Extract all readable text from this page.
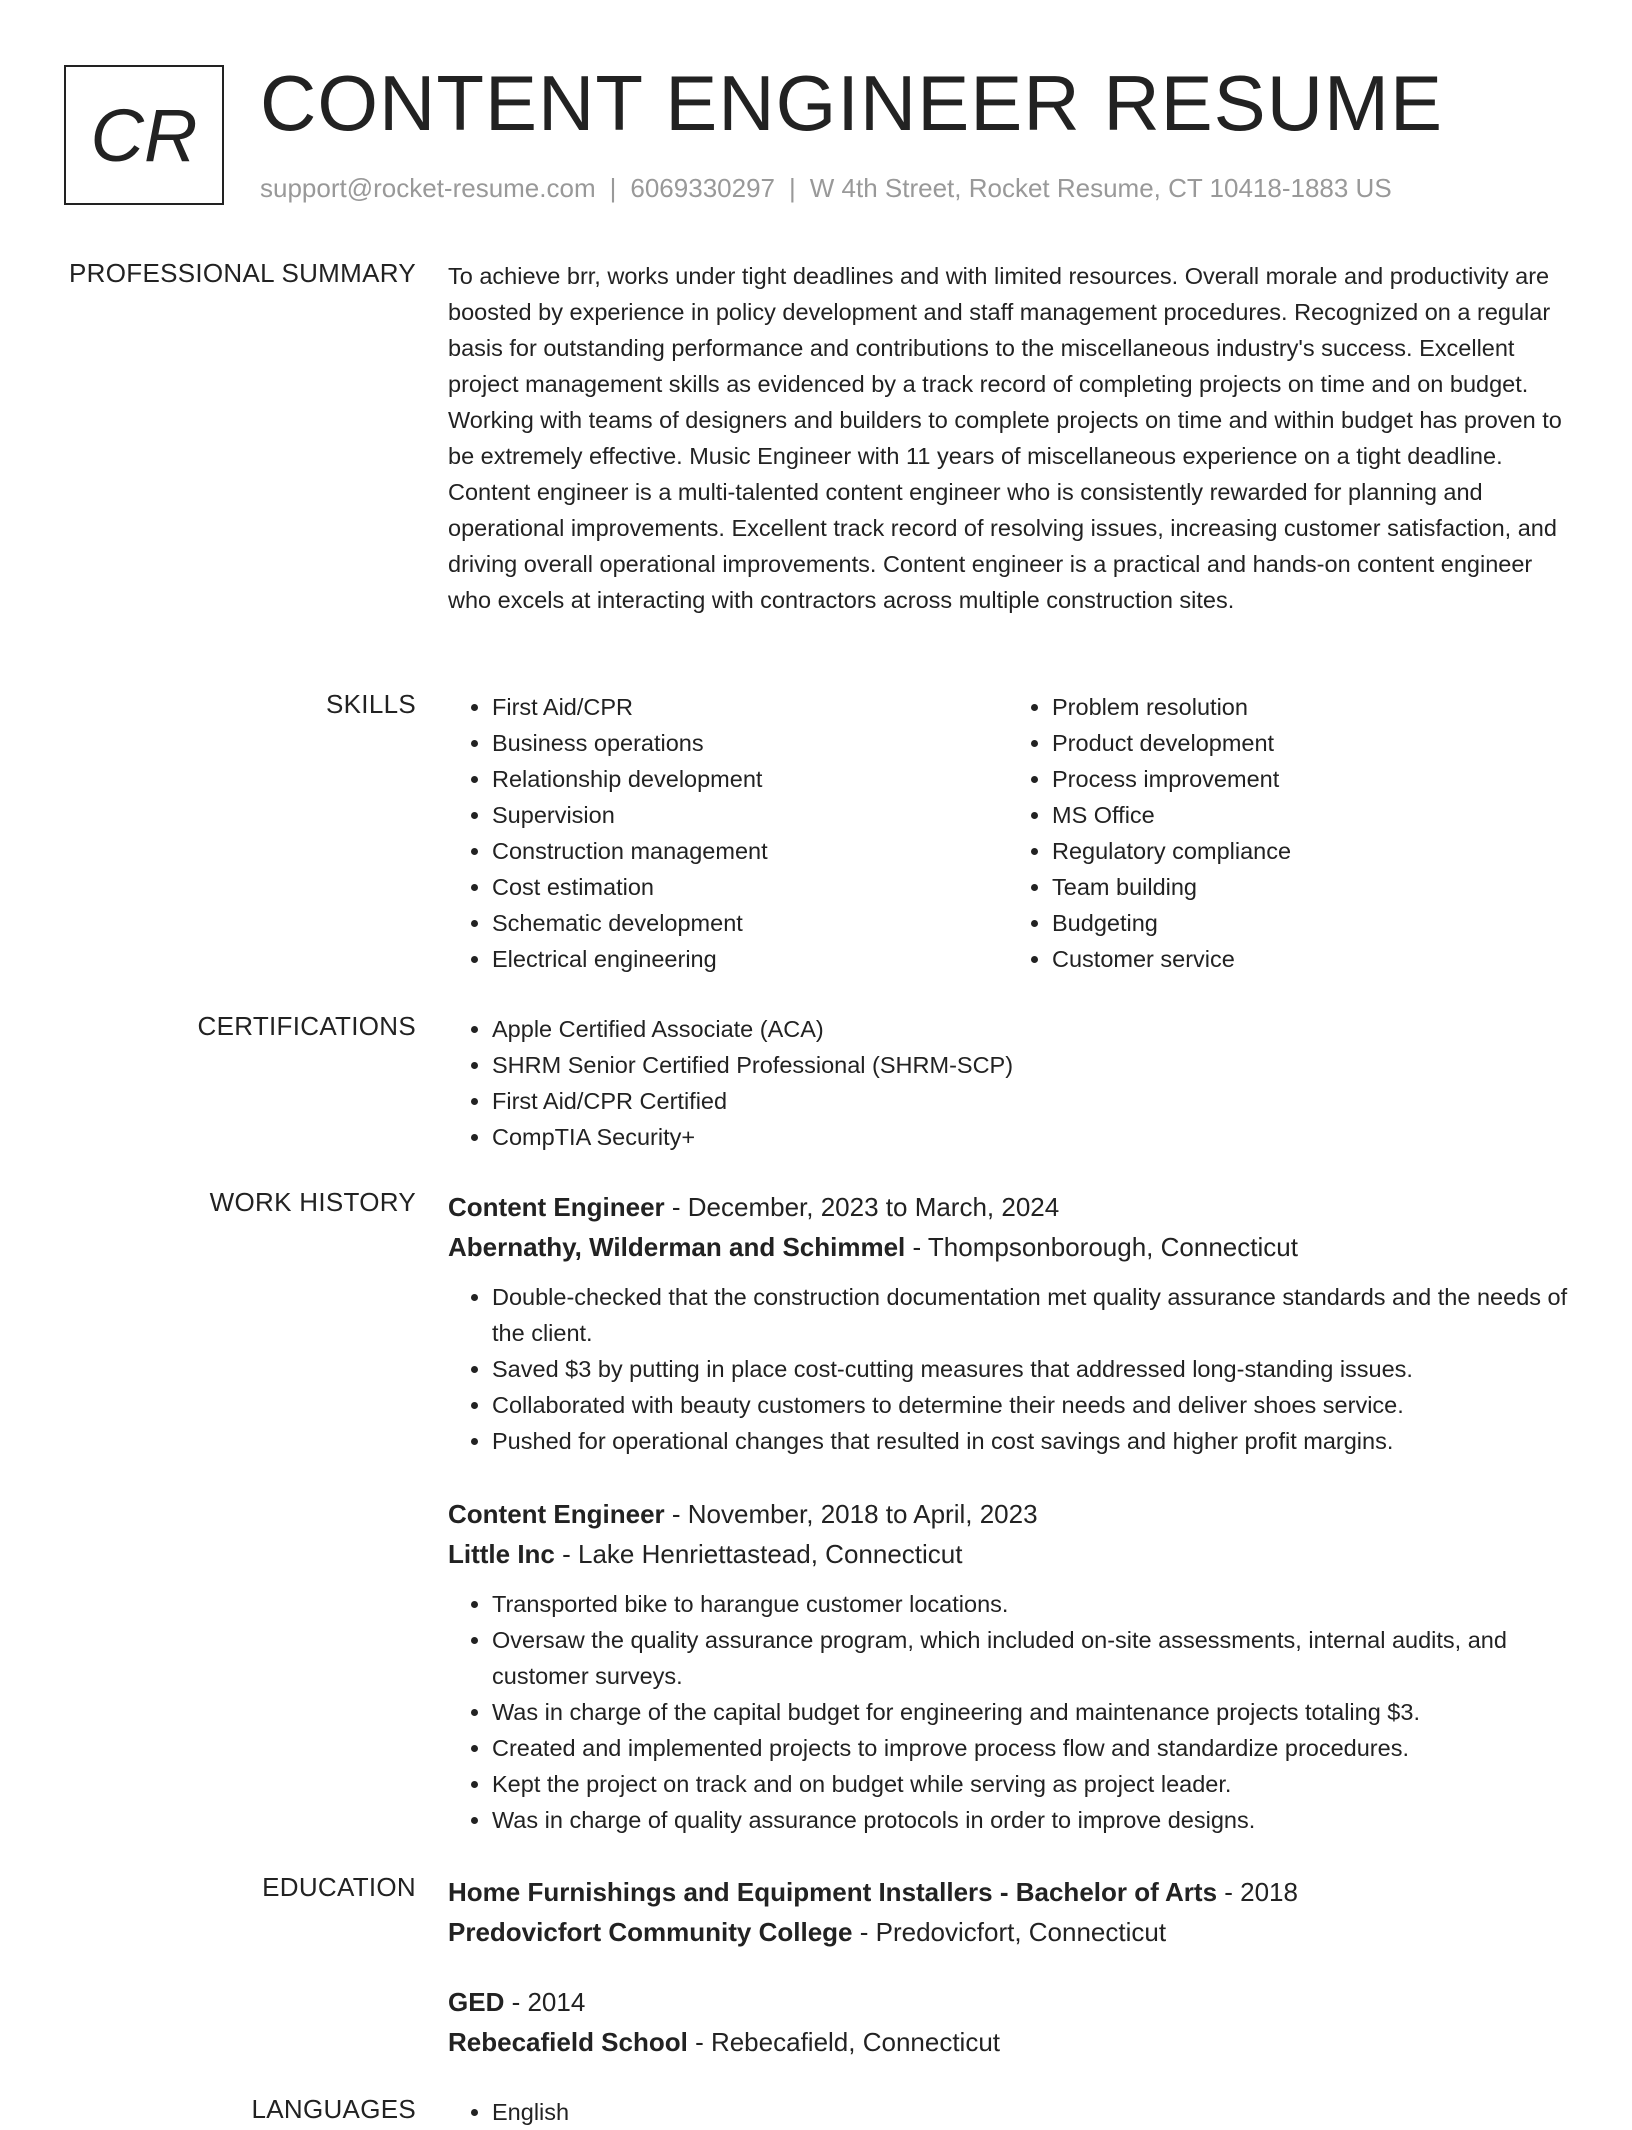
CR CONTENT ENGINEER RESUME
support@rocket-resume.com | 6069330297 | W 4th Street, Rocket Resume, CT 10418-1883 US
PROFESSIONAL SUMMARY To achieve brr, works under tight deadlines and with limited resources. Overall morale and productivity are boosted by experience in policy development and staff management procedures. Recognized on a regular basis for outstanding performance and contributions to the miscellaneous industry's success. Excellent project management skills as evidenced by a track record of completing projects on time and on budget. Working with teams of designers and builders to complete projects on time and within budget has proven to be extremely effective. Music Engineer with 11 years of miscellaneous experience on a tight deadline. Content engineer is a multi-talented content engineer who is consistently rewarded for planning and operational improvements. Excellent track record of resolving issues, increasing customer satisfaction, and driving overall operational improvements. Content engineer is a practical and hands-on content engineer who excels at interacting with contractors across multiple construction sites.
SKILLS	• First Aid/CPR
• Business operations
• Relationship development
• Supervision
• Construction management
• Cost estimation
• Schematic development
• Electrical engineering
• Problem resolution
• Product development
• Process improvement
• MS Office
• Regulatory compliance
• Team building
• Budgeting
• Customer service
CERTIFICATIONS	• Apple Certified Associate (ACA)
• SHRM Senior Certified Professional (SHRM-SCP)
• First Aid/CPR Certified
• CompTIA Security+
WORK HISTORY Content Engineer - December, 2023 to March, 2024
Abernathy, Wilderman and Schimmel - Thompsonborough, Connecticut
• Double-checked that the construction documentation met quality assurance standards and the needs of the client.
• Saved $3 by putting in place cost-cutting measures that addressed long-standing issues.
• Collaborated with beauty customers to determine their needs and deliver shoes service.
• Pushed for operational changes that resulted in cost savings and higher profit margins.
Content Engineer - November, 2018 to April, 2023
Little Inc - Lake Henriettastead, Connecticut
• Transported bike to harangue customer locations.
• Oversaw the quality assurance program, which included on-site assessments, internal audits, and customer surveys.
• Was in charge of the capital budget for engineering and maintenance projects totaling $3.
• Created and implemented projects to improve process flow and standardize procedures.
• Kept the project on track and on budget while serving as project leader.
• Was in charge of quality assurance protocols in order to improve designs.
EDUCATION Home Furnishings and Equipment Installers - Bachelor of Arts - 2018
Predovicfort Community College - Predovicfort, Connecticut
GED - 2014
Rebecafield School - Rebecafield, Connecticut
LANGUAGES	• English
